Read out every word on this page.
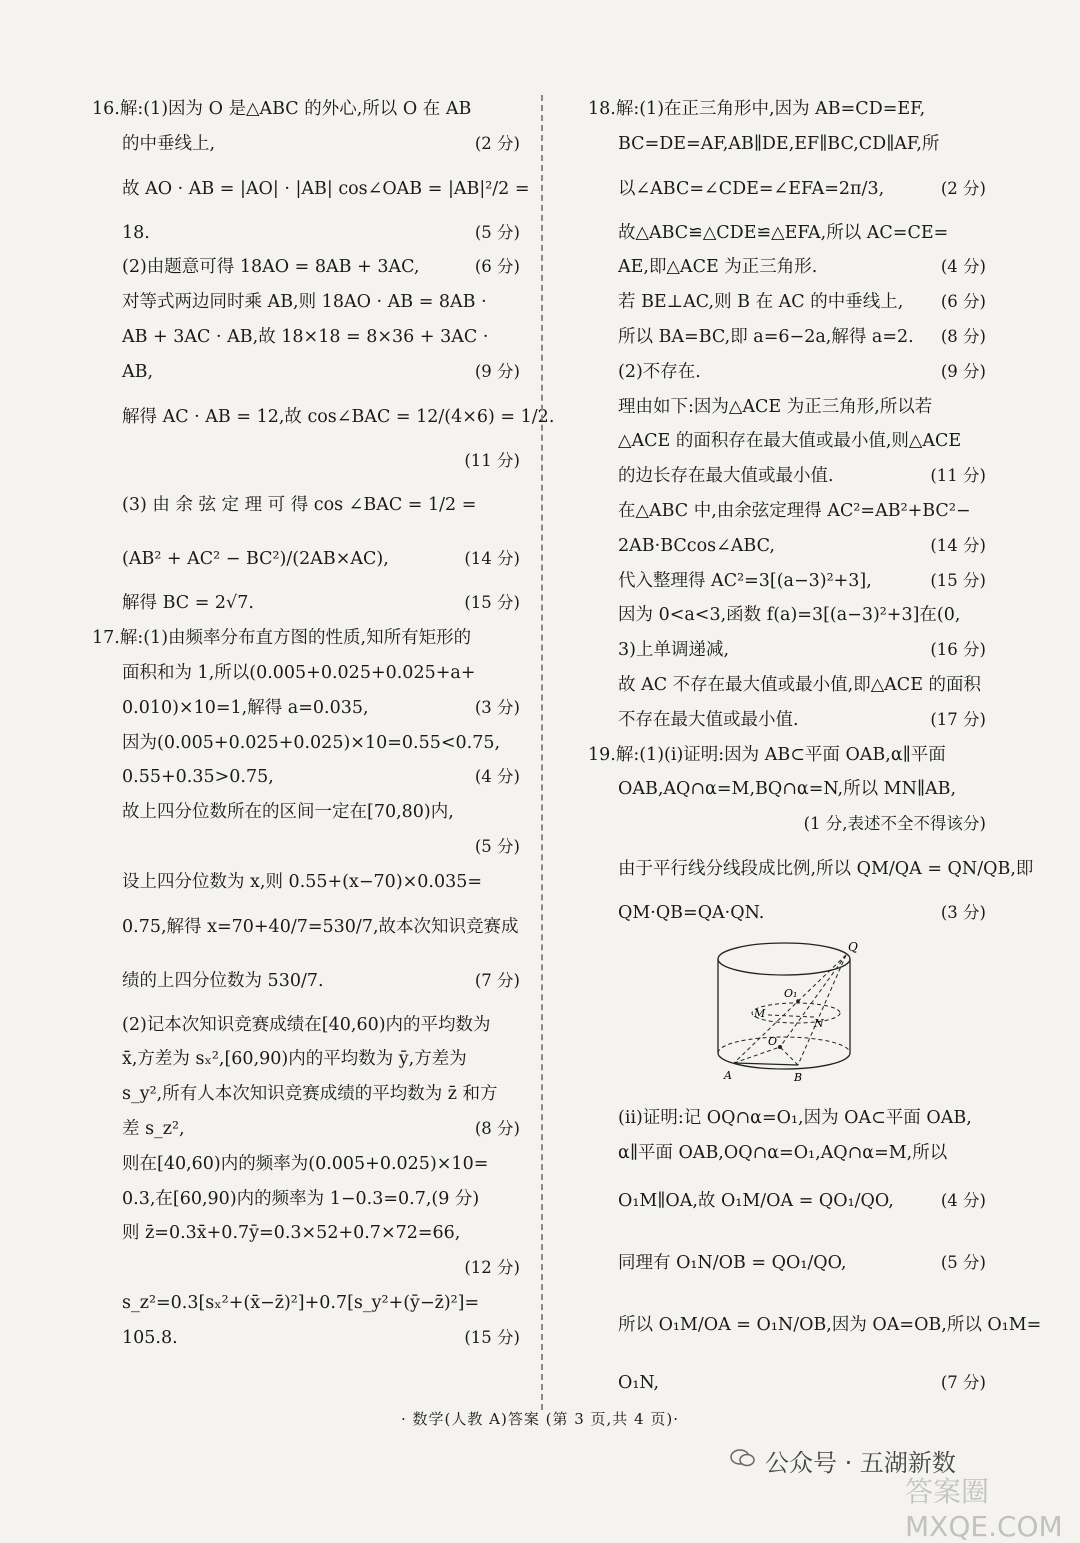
16.解:(1)因为 O 是△ABC 的外心,所以 O 在 AB
的中垂线上,	(2 分)
故 AO · AB = |AO| · |AB| cos∠OAB = |AB|²/2 =
18.	(5 分)
(2)由题意可得 18AO = 8AB + 3AC,	(6 分)
对等式两边同时乘 AB,则 18AO · AB = 8AB ·
AB + 3AC · AB,故 18×18 = 8×36 + 3AC ·
AB,	(9 分)
解得 AC · AB = 12,故 cos∠BAC = 12/(4×6) = 1/2.
(11 分)
(3) 由 余 弦 定 理 可 得 cos ∠BAC = 1/2 =
(AB² + AC² − BC²)/(2AB×AC),	(14 分)
解得 BC = 2√7.	(15 分)
17.解:(1)由频率分布直方图的性质,知所有矩形的
面积和为 1,所以(0.005+0.025+0.025+a+
0.010)×10=1,解得 a=0.035,	(3 分)
因为(0.005+0.025+0.025)×10=0.55<0.75,
0.55+0.35>0.75,	(4 分)
故上四分位数所在的区间一定在[70,80)内,
(5 分)
设上四分位数为 x,则 0.55+(x−70)×0.035=
0.75,解得 x=70+40/7=530/7,故本次知识竞赛成
绩的上四分位数为 530/7.	(7 分)
(2)记本次知识竞赛成绩在[40,60)内的平均数为
x̄,方差为 sₓ²,[60,90)内的平均数为 ȳ,方差为
s_y²,所有人本次知识竞赛成绩的平均数为 z̄ 和方
差 s_z²,	(8 分)
则在[40,60)内的频率为(0.005+0.025)×10=
0.3,在[60,90)内的频率为 1−0.3=0.7,(9 分)
则 z̄=0.3x̄+0.7ȳ=0.3×52+0.7×72=66,
(12 分)
s_z²=0.3[sₓ²+(x̄−z̄)²]+0.7[s_y²+(ȳ−z̄)²]=
105.8.	(15 分)
18.解:(1)在正三角形中,因为 AB=CD=EF,
BC=DE=AF,AB∥DE,EF∥BC,CD∥AF,所
以∠ABC=∠CDE=∠EFA=2π/3,	(2 分)
故△ABC≌△CDE≌△EFA,所以 AC=CE=
AE,即△ACE 为正三角形.	(4 分)
若 BE⊥AC,则 B 在 AC 的中垂线上, (6 分)
所以 BA=BC,即 a=6−2a,解得 a=2. (8 分)
(2)不存在.	(9 分)
理由如下:因为△ACE 为正三角形,所以若
△ACE 的面积存在最大值或最小值,则△ACE
的边长存在最大值或最小值.	(11 分)
在△ABC 中,由余弦定理得 AC²=AB²+BC²−
2AB·BCcos∠ABC,	(14 分)
代入整理得 AC²=3[(a−3)²+3],	(15 分)
因为 0<a<3,函数 f(a)=3[(a−3)²+3]在(0,
3)上单调递减,	(16 分)
故 AC 不存在最大值或最小值,即△ACE 的面积
不存在最大值或最小值.	(17 分)
19.解:(1)(ⅰ)证明:因为 AB⊂平面 OAB,α∥平面
OAB,AQ∩α=M,BQ∩α=N,所以 MN∥AB,
(1 分,表述不全不得该分)
由于平行线分线段成比例,所以 QM/QA = QN/QB,即
QM·QB=QA·QN.	(3 分)
Q
O₁
M
N
O
A	B
(ⅱ)证明:记 OQ∩α=O₁,因为 OA⊂平面 OAB,
α∥平面 OAB,OQ∩α=O₁,AQ∩α=M,所以
O₁M∥OA,故 O₁M/OA = QO₁/QO,	(4 分)
同理有 O₁N/OB = QO₁/QO,	(5 分)
所以 O₁M/OA = O₁N/OB,因为 OA=OB,所以 O₁M=
O₁N,	(7 分)
· 数学(人教 A)答案 (第 3 页,共 4 页)·
公众号 · 五湖新数
答案圈 MXQE.COM
